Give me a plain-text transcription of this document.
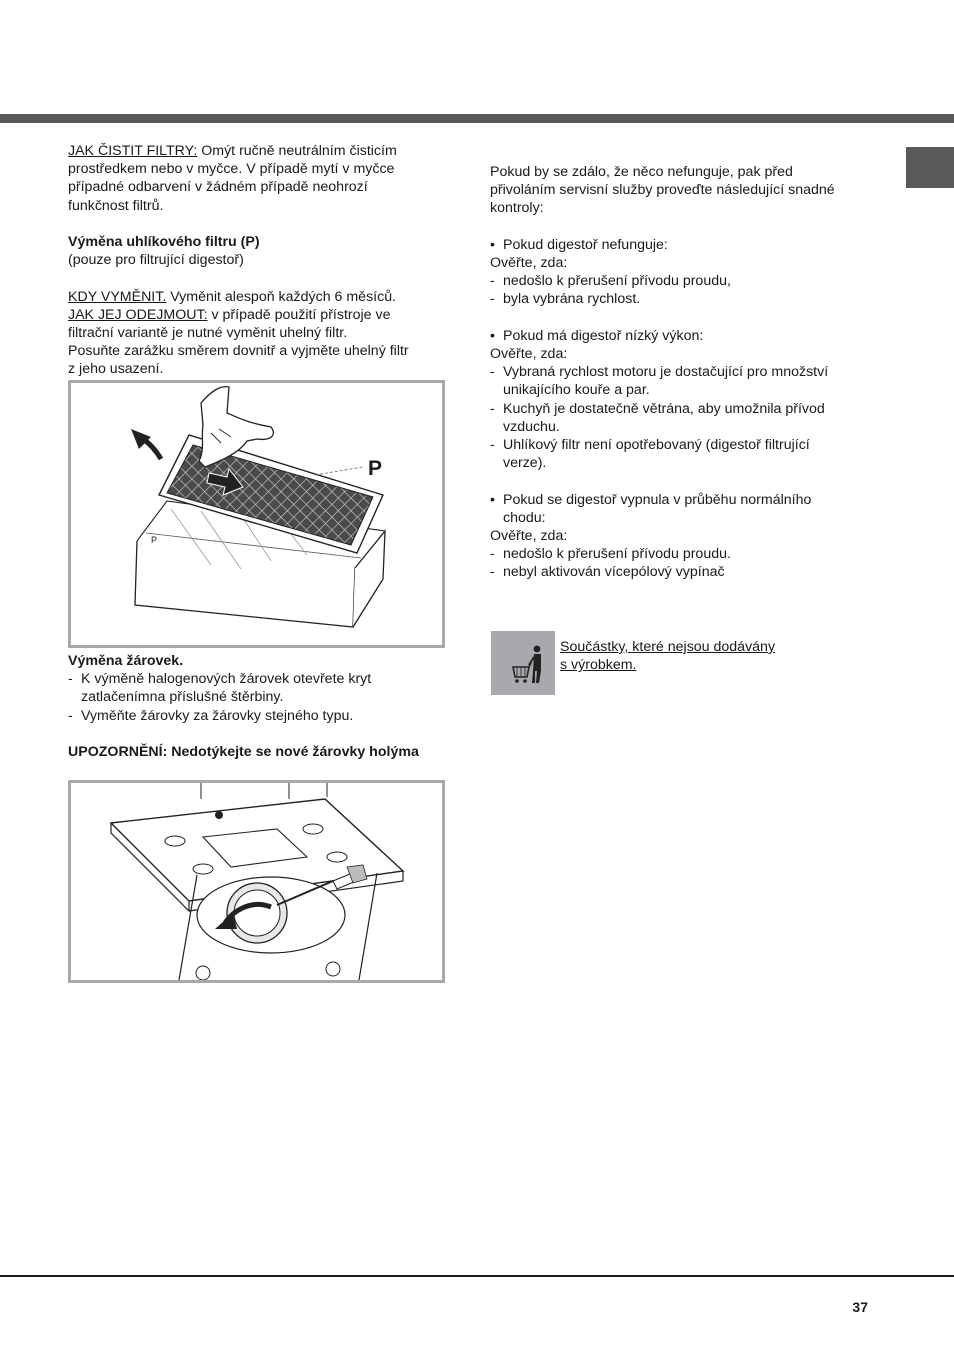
JAK ČISTIT FILTRY: Omýt ručně neutrálním čisticím

prostředkem nebo v myčce. V případě mytí v myčce

případné odbarvení v žádném případě neohrozí

funkčnost filtrů.

Výměna uhlíkového filtru (P)

(pouze pro filtrující digestoř)

KDY VYMĚNIT. Vyměnit alespoň každých 6 měsíců.

JAK JEJ ODEJMOUT: v případě použití přístroje ve

filtrační variantě je nutné vyměnit uhelný filtr.

Posuňte zarážku směrem dovnitř a vyjměte uhelný filtr

z jeho usazení.

P
P

Výměna žárovek.

- K výměně halogenových žárovek otevřete kryt
zatlačenímna příslušné štěrbiny.
- Vyměňte žárovky za žárovky stejného typu.

UPOZORNĚNÍ: Nedotýkejte se nové žárovky holýma

Pokud by se zdálo, že něco nefunguje, pak před

přivoláním servisní služby proveďte následující snadné

kontroly:

• Pokud digestoř nefunguje:

Ověřte, zda:

- nedošlo k přerušení přívodu proudu,
- byla vybrána rychlost.
• Pokud má digestoř nízký výkon:

Ověřte, zda:

- Vybraná rychlost motoru je dostačující pro množství
unikajícího kouře a par.
- Kuchyň je dostatečně větrána, aby umožnila přívod
vzduchu.
- Uhlíkový filtr není opotřebovaný (digestoř filtrující
verze).
• Pokud se digestoř vypnula v průběhu normálního
chodu:

Ověřte, zda:

- nedošlo k přerušení přívodu proudu.
- nebyl aktivován vícepólový vypínač

Součástky, které nejsou dodávány

s výrobkem.

37
